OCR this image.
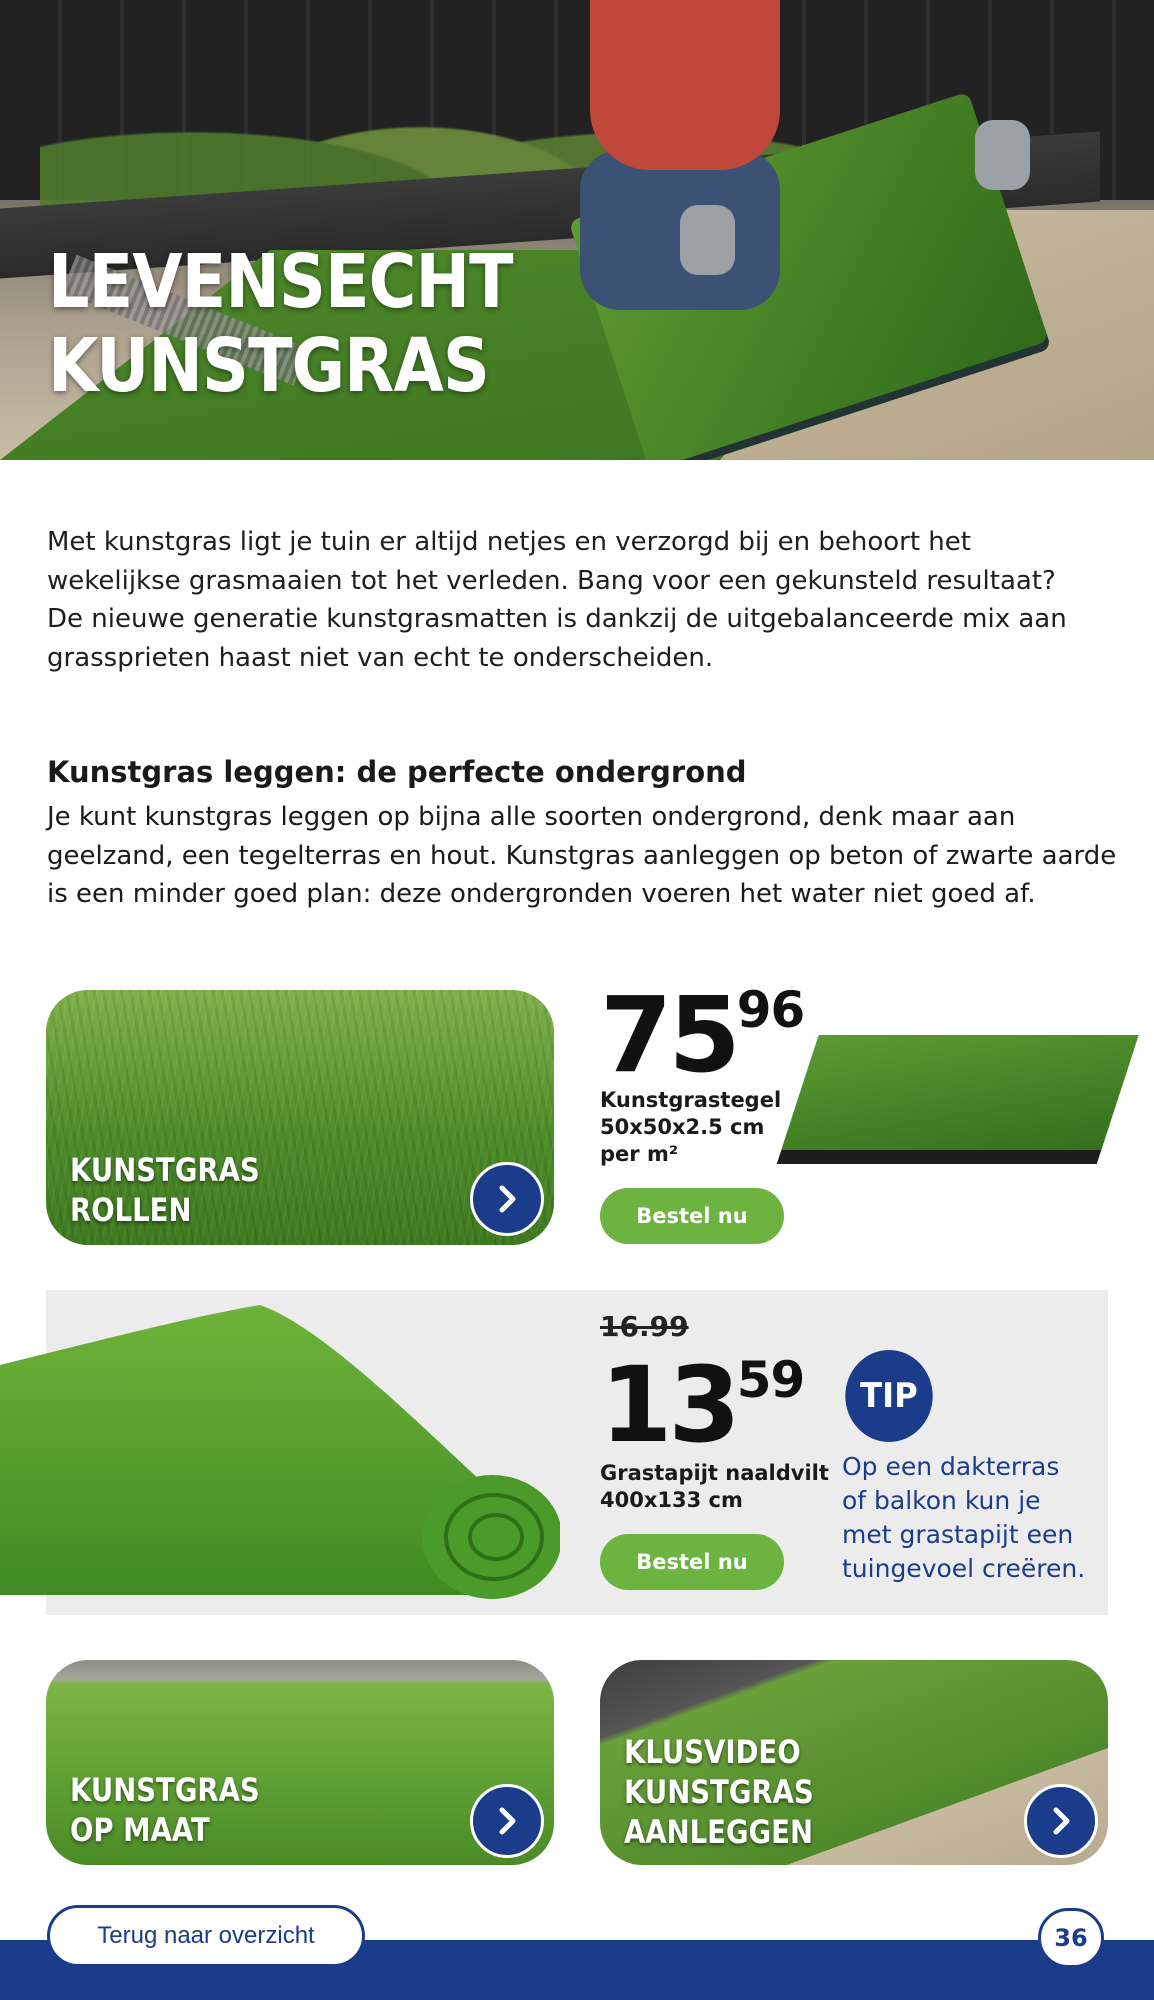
LEVENSECHT
KUNSTGRAS

Met kunstgras ligt je tuin er altijd netjes en verzorgd bij en behoort het wekelijkse grasmaaien tot het verleden. Bang voor een gekunsteld resultaat? De nieuwe generatie kunstgrasmatten is dankzij de uitgebalanceerde mix aan grassprieten haast niet van echt te onderscheiden.

Kunstgras leggen: de perfecte ondergrond

Je kunt kunstgras leggen op bijna alle soorten ondergrond, denk maar aan geelzand, een tegelterras en hout. Kunstgras aanleggen op beton of zwarte aarde is een minder goed plan: deze ondergronden voeren het water niet goed af.

KUNSTGRAS
ROLLEN
7596

Kunstgrastegel

50x50x2.5 cm

per m²

Bestel nu

16.99

1359

Grastapijt naaldvilt

400x133 cm

Bestel nu
TIP

Op een dakterras

of balkon kun je

met grastapijt een

tuingevoel creëren.

KUNSTGRAS
OP MAAT
KLUSVIDEO
KUNSTGRAS
AANLEGGEN
Terug naar overzicht	36
